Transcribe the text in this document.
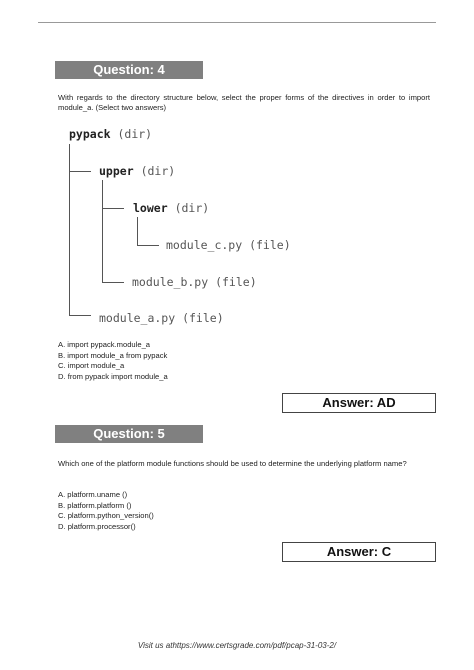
Question: 4
With regards to the directory structure below, select the proper forms of the directives in order to import module_a. (Select two answers)
pypack (dir)
upper (dir)
lower (dir)
module_c.py (file)
module_b.py (file)
module_a.py (file)
A. import pypack.module_a
B. import module_a from pypack
C. import module_a
D. from pypack import module_a
Answer: AD
Question: 5
Which one of the platform module functions should be used to determine the underlying platform name?
A. platform.uname ()
B. platform.platform ()
C. platform.python_version()
D. platform.processor()
Answer: C
Visit us athttps://www.certsgrade.com/pdf/pcap-31-03-2/
